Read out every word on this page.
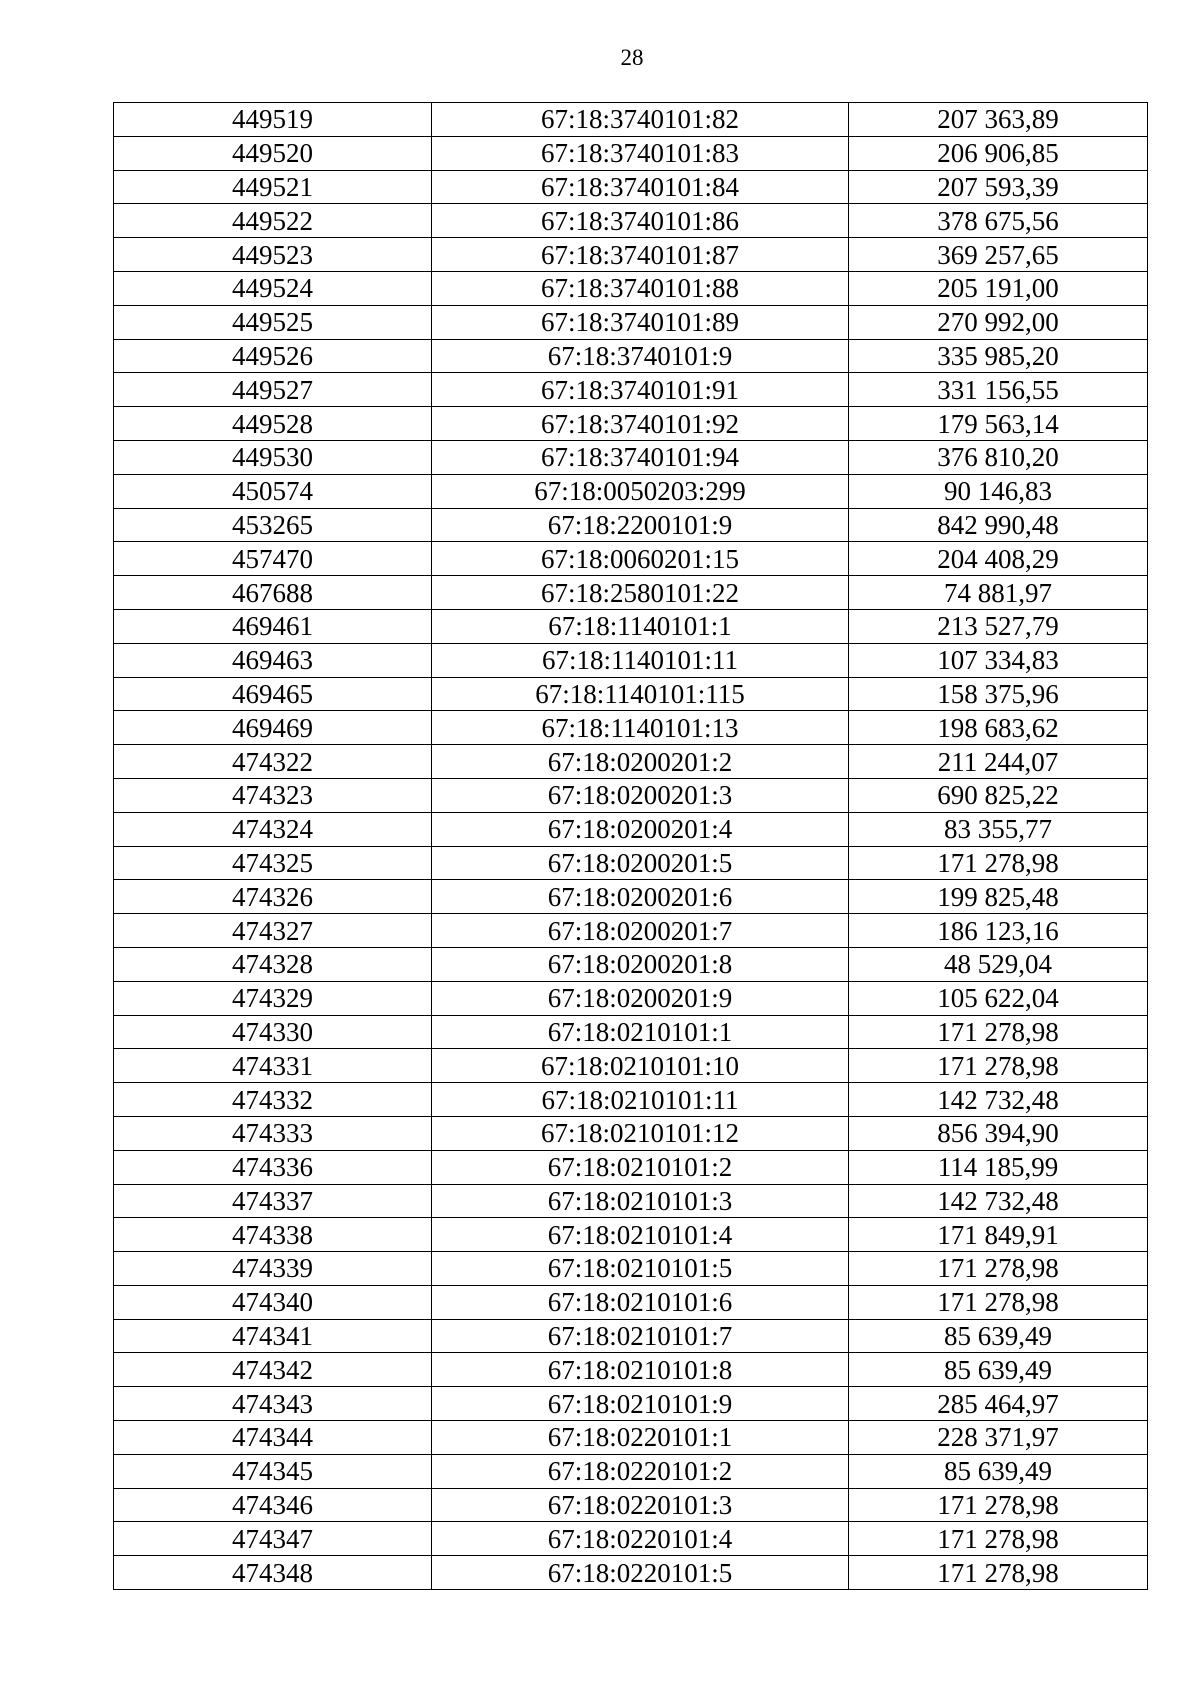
28
449519	67:18:3740101:82	207 363,89
449520	67:18:3740101:83	206 906,85
449521	67:18:3740101:84	207 593,39
449522	67:18:3740101:86	378 675,56
449523	67:18:3740101:87	369 257,65
449524	67:18:3740101:88	205 191,00
449525	67:18:3740101:89	270 992,00
449526	67:18:3740101:9	335 985,20
449527	67:18:3740101:91	331 156,55
449528	67:18:3740101:92	179 563,14
449530	67:18:3740101:94	376 810,20
450574	67:18:0050203:299	90 146,83
453265	67:18:2200101:9	842 990,48
457470	67:18:0060201:15	204 408,29
467688	67:18:2580101:22	74 881,97
469461	67:18:1140101:1	213 527,79
469463	67:18:1140101:11	107 334,83
469465	67:18:1140101:115	158 375,96
469469	67:18:1140101:13	198 683,62
474322	67:18:0200201:2	211 244,07
474323	67:18:0200201:3	690 825,22
474324	67:18:0200201:4	83 355,77
474325	67:18:0200201:5	171 278,98
474326	67:18:0200201:6	199 825,48
474327	67:18:0200201:7	186 123,16
474328	67:18:0200201:8	48 529,04
474329	67:18:0200201:9	105 622,04
474330	67:18:0210101:1	171 278,98
474331	67:18:0210101:10	171 278,98
474332	67:18:0210101:11	142 732,48
474333	67:18:0210101:12	856 394,90
474336	67:18:0210101:2	114 185,99
474337	67:18:0210101:3	142 732,48
474338	67:18:0210101:4	171 849,91
474339	67:18:0210101:5	171 278,98
474340	67:18:0210101:6	171 278,98
474341	67:18:0210101:7	85 639,49
474342	67:18:0210101:8	85 639,49
474343	67:18:0210101:9	285 464,97
474344	67:18:0220101:1	228 371,97
474345	67:18:0220101:2	85 639,49
474346	67:18:0220101:3	171 278,98
474347	67:18:0220101:4	171 278,98
474348	67:18:0220101:5	171 278,98
